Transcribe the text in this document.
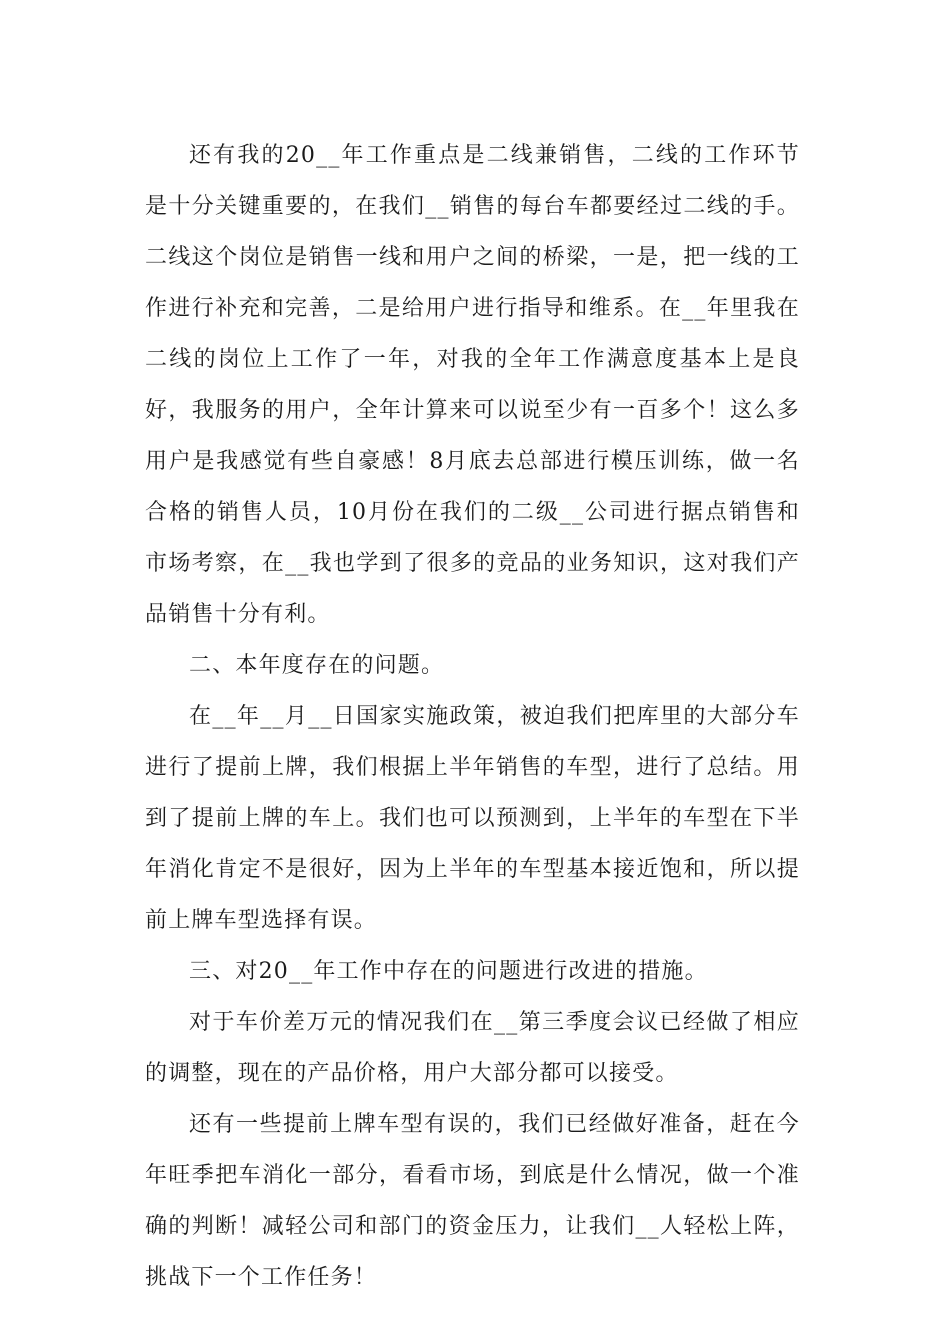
还有我的20__年工作重点是二线兼销售，二线的工作环节是十分关键重要的，在我们__销售的每台车都要经过二线的手。二线这个岗位是销售一线和用户之间的桥梁，一是，把一线的工作进行补充和完善，二是给用户进行指导和维系。在__年里我在二线的岗位上工作了一年，对我的全年工作满意度基本上是良好，我服务的用户，全年计算来可以说至少有一百多个！这么多用户是我感觉有些自豪感！8月底去总部进行模压训练，做一名合格的销售人员，10月份在我们的二级__公司进行据点销售和市场考察，在__我也学到了很多的竞品的业务知识，这对我们产品销售十分有利。

二、本年度存在的问题。

在__年__月__日国家实施政策，被迫我们把库里的大部分车进行了提前上牌，我们根据上半年销售的车型，进行了总结。用到了提前上牌的车上。我们也可以预测到，上半年的车型在下半年消化肯定不是很好，因为上半年的车型基本接近饱和，所以提前上牌车型选择有误。

三、对20__年工作中存在的问题进行改进的措施。

对于车价差万元的情况我们在__第三季度会议已经做了相应的调整，现在的产品价格，用户大部分都可以接受。

还有一些提前上牌车型有误的，我们已经做好准备，赶在今年旺季把车消化一部分，看看市场，到底是什么情况，做一个准确的判断！减轻公司和部门的资金压力，让我们__人轻松上阵，挑战下一个工作任务！
